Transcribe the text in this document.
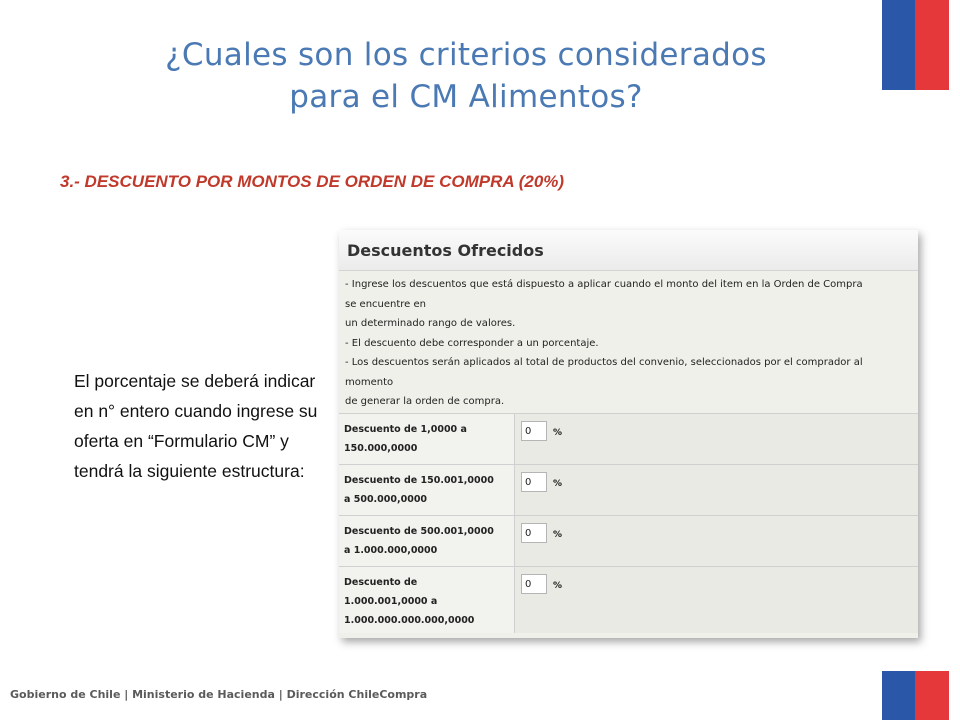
¿Cuales son los criterios considerados
para el CM Alimentos?
3.- DESCUENTO POR MONTOS DE ORDEN DE COMPRA (20%)
El porcentaje se deberá indicar en n° entero cuando ingrese su oferta en “Formulario CM” y tendrá la siguiente estructura:
Descuentos Ofrecidos
- Ingrese los descuentos que está dispuesto a aplicar cuando el monto del item en la Orden de Compra
se encuentre en
un determinado rango de valores.
- El descuento debe corresponder a un porcentaje.
- Los descuentos serán aplicados al total de productos del convenio, seleccionados por el comprador al
momento
de generar la orden de compra.
Descuento de 1,0000 a
150.000,0000
0
%
Descuento de 150.001,0000
a 500.000,0000
0
%
Descuento de 500.001,0000
a 1.000.000,0000
0
%
Descuento de
1.000.001,0000 a
1.000.000.000.000,0000
0
%
Gobierno de Chile | Ministerio de Hacienda | Dirección ChileCompra
